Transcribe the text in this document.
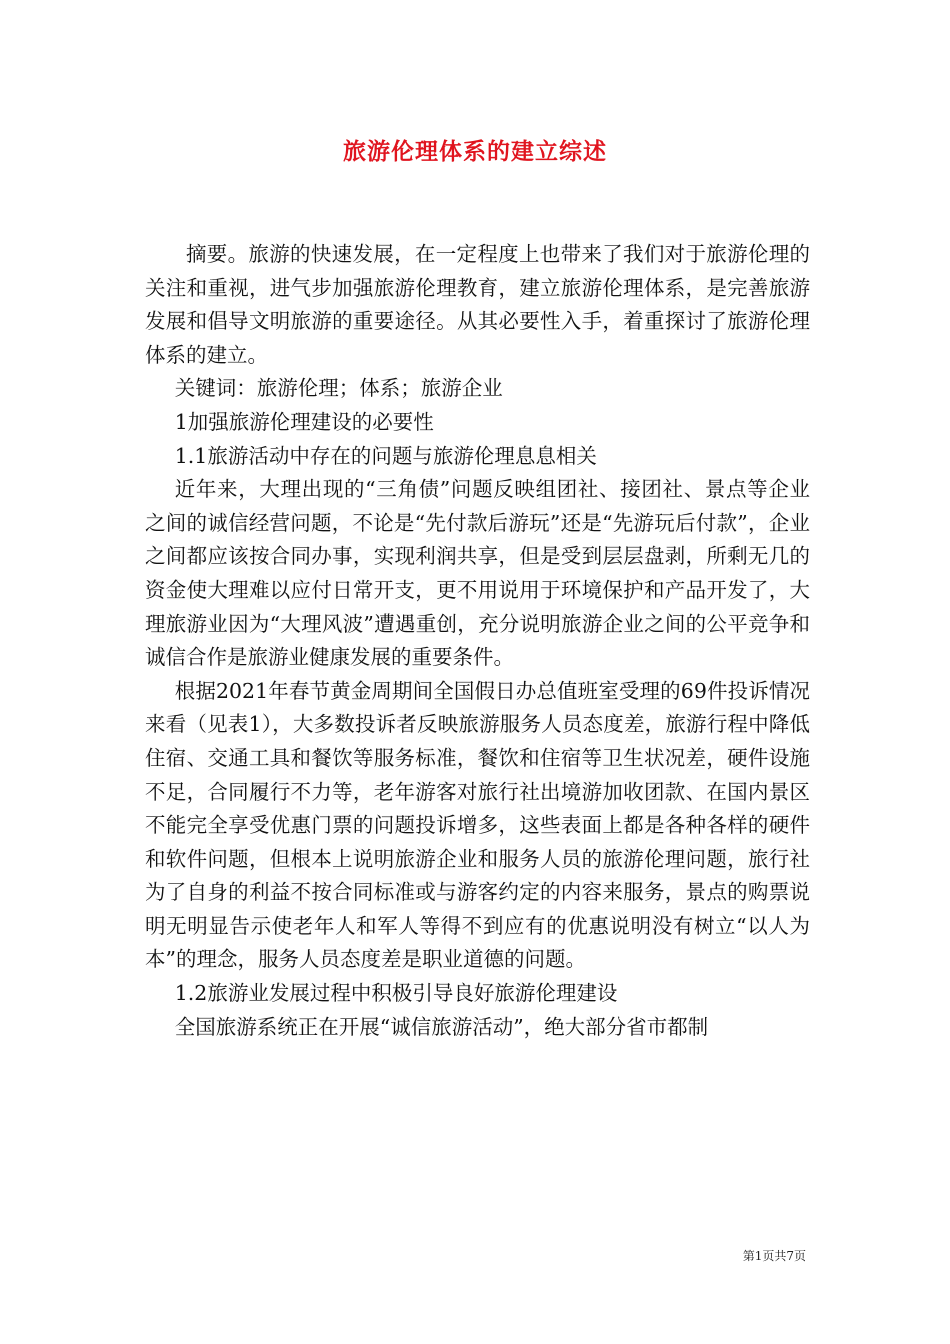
旅游伦理体系的建立综述

摘要。旅游的快速发展，在一定程度上也带来了我们对于旅游伦理的关注和重视，进气步加强旅游伦理教育，建立旅游伦理体系，是完善旅游发展和倡导文明旅游的重要途径。从其必要性入手，着重探讨了旅游伦理体系的建立。

关键词：旅游伦理；体系；旅游企业

1加强旅游伦理建设的必要性

1.1旅游活动中存在的问题与旅游伦理息息相关

近年来，大理出现的“三角债”问题反映组团社、接团社、景点等企业之间的诚信经营问题，不论是“先付款后游玩”还是“先游玩后付款”，企业之间都应该按合同办事，实现利润共享，但是受到层层盘剥，所剩无几的资金使大理难以应付日常开支，更不用说用于环境保护和产品开发了，大理旅游业因为“大理风波”遭遇重创，充分说明旅游企业之间的公平竞争和诚信合作是旅游业健康发展的重要条件。

根据2021年春节黄金周期间全国假日办总值班室受理的69件投诉情况来看（见表1），大多数投诉者反映旅游服务人员态度差，旅游行程中降低住宿、交通工具和餐饮等服务标准，餐饮和住宿等卫生状况差，硬件设施不足，合同履行不力等，老年游客对旅行社出境游加收团款、在国内景区不能完全享受优惠门票的问题投诉增多，这些表面上都是各种各样的硬件和软件问题，但根本上说明旅游企业和服务人员的旅游伦理问题，旅行社为了自身的利益不按合同标准或与游客约定的内容来服务，景点的购票说明无明显告示使老年人和军人等得不到应有的优惠说明没有树立“以人为本”的理念，服务人员态度差是职业道德的问题。

1.2旅游业发展过程中积极引导良好旅游伦理建设

全国旅游系统正在开展“诚信旅游活动”，绝大部分省市都制

第1页共7页
